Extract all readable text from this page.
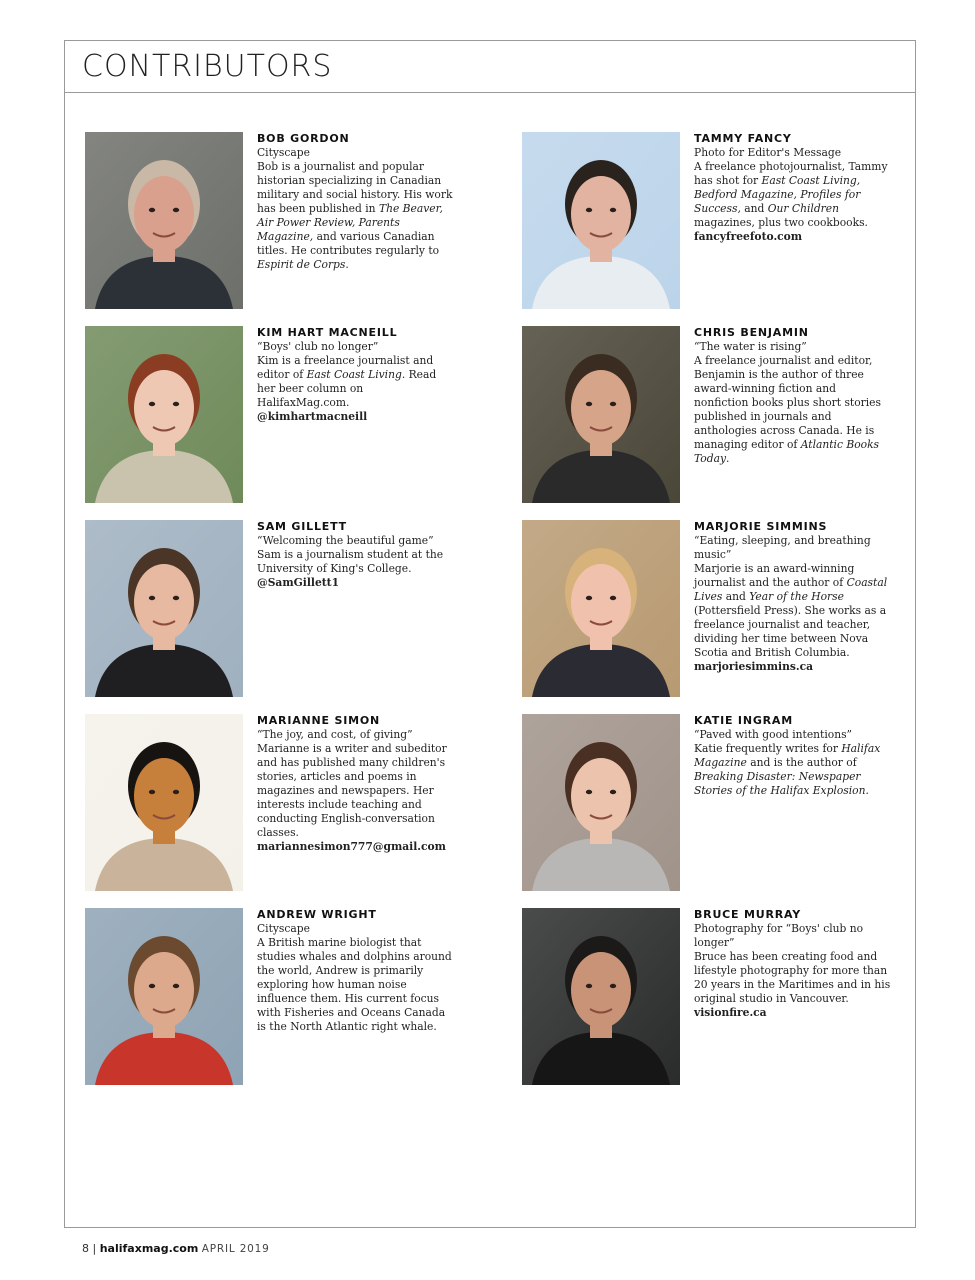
CONTRIBUTORS
BOB GORDON
Cityscape
Bob is a journalist and popular historian specializing in Canadian military and social history. His work has been published in The Beaver, Air Power Review, Parents Magazine, and various Canadian titles. He contributes regularly to Espirit de Corps.
TAMMY FANCY
Photo for Editor's Message
A freelance photojournalist, Tammy has shot for East Coast Living, Bedford Magazine, Profiles for Success, and Our Children magazines, plus two cookbooks. fancyfreefoto.com
KIM HART MACNEILL
“Boys' club no longer”
Kim is a freelance journalist and editor of East Coast Living. Read her beer column on HalifaxMag.com. @kimhartmacneill
CHRIS BENJAMIN
“The water is rising”
A freelance journalist and editor, Benjamin is the author of three award-winning fiction and nonfiction books plus short stories published in journals and anthologies across Canada. He is managing editor of Atlantic Books Today.
SAM GILLETT
“Welcoming the beautiful game”
Sam is a journalism student at the University of King's College. @SamGillett1
MARJORIE SIMMINS
“Eating, sleeping, and breathing music”
Marjorie is an award-winning journalist and the author of Coastal Lives and Year of the Horse (Pottersfield Press). She works as a freelance journalist and teacher, dividing her time between Nova Scotia and British Columbia. marjoriesimmins.ca
MARIANNE SIMON
“The joy, and cost, of giving”
Marianne is a writer and subeditor and has published many children's stories, articles and poems in magazines and newspapers. Her interests include teaching and conducting English-conversation classes. mariannesimon777@gmail.com
KATIE INGRAM
“Paved with good intentions”
Katie frequently writes for Halifax Magazine and is the author of Breaking Disaster: Newspaper Stories of the Halifax Explosion.
ANDREW WRIGHT
Cityscape
A British marine biologist that studies whales and dolphins around the world, Andrew is primarily exploring how human noise influence them. His current focus with Fisheries and Oceans Canada is the North Atlantic right whale.
BRUCE MURRAY
Photography for “Boys' club no longer”
Bruce has been creating food and lifestyle photography for more than 20 years in the Maritimes and in his original studio in Vancouver. visionfire.ca
8 | halifaxmag.com APRIL 2019
